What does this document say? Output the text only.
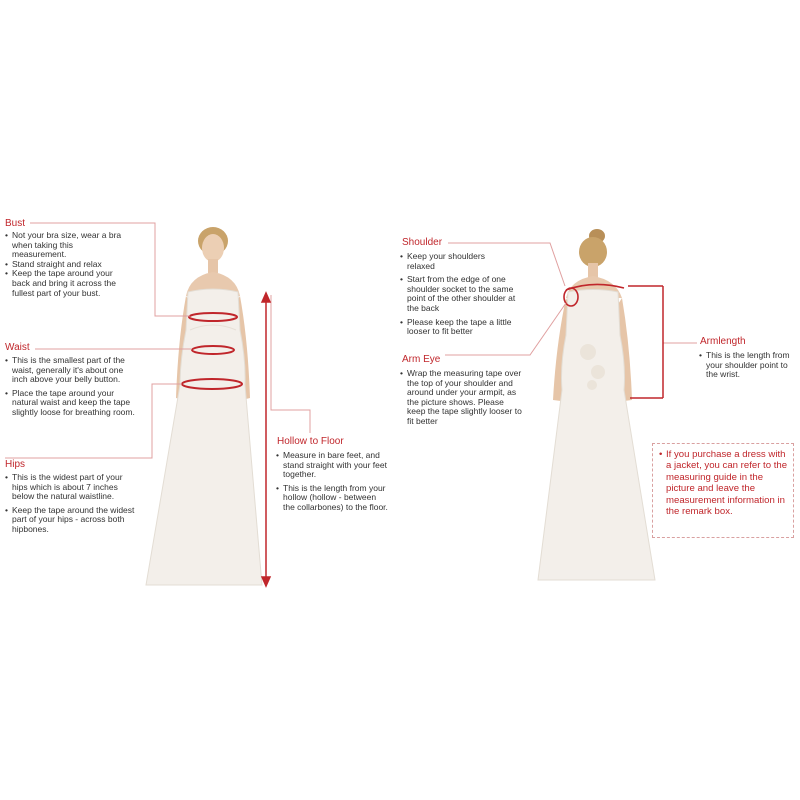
Bust
• Not your bra size, wear a bra when taking this measurement.
• Stand straight and relax
• Keep the tape around your back and bring it across the fullest part of your bust.
Waist
• This is the smallest part of the waist, generally it's about one inch above your belly button.
• Place the tape around your natural waist and keep the tape slightly loose for breathing room.
Hips
• This is the widest part of your hips which is about 7 inches below the natural waistline.
• Keep the tape around the widest part of your hips - across both hipbones.
Hollow to Floor
• Measure in bare feet, and stand straight with your feet together.
• This is the length from your hollow (hollow - between the collarbones) to the floor.
Shoulder
• Keep your shoulders relaxed
• Start from the edge of one shoulder socket to the same point of the other shoulder at the back
• Please keep the tape a little looser to fit better
Arm Eye
• Wrap the measuring tape over the top of your shoulder and around under your armpit, as the picture shows. Please keep the tape slightly looser to fit better
Armlength
• This is the length from your shoulder point to the wrist.
• If you purchase a dress with a jacket, you can refer to the measuring guide in the picture and leave the measurement information in the remark box.
